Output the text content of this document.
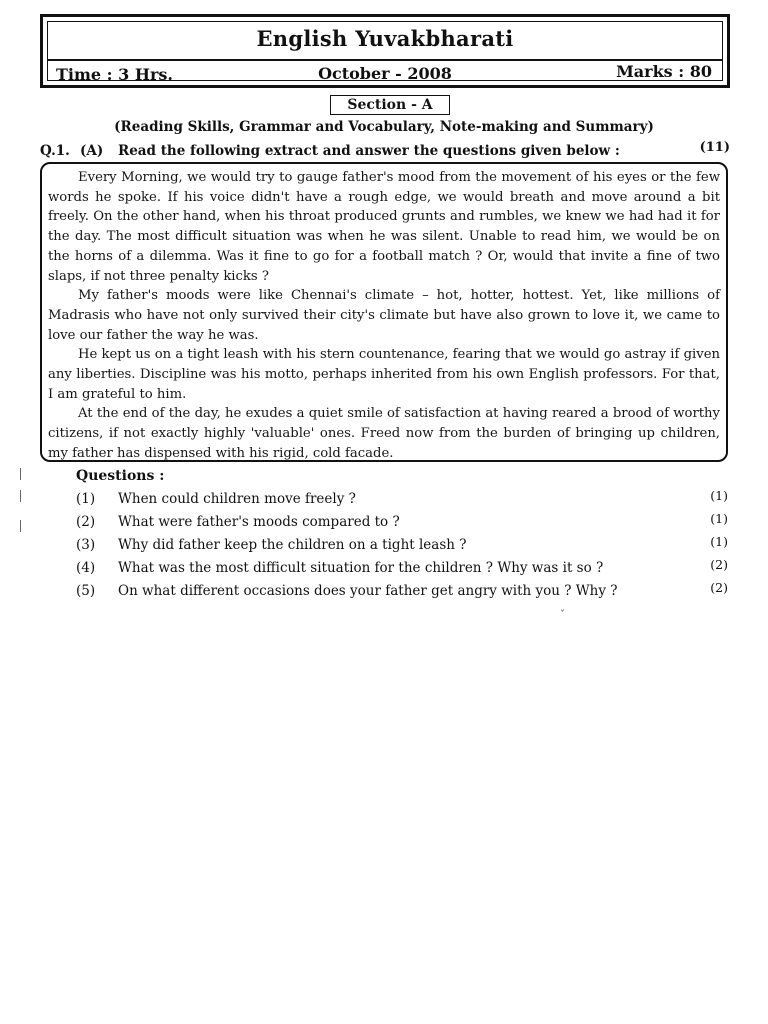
English Yuvakbharati
Time : 3 Hrs.	October - 2008	Marks : 80
Section - A
(Reading Skills, Grammar and Vocabulary, Note-making and Summary)
Q.1. (A) Read the following extract and answer the questions given below :	(11)

Every Morning, we would try to gauge father's mood from the movement of his eyes or the few words he spoke. If his voice didn't have a rough edge, we would breath and move around a bit freely. On the other hand, when his throat produced grunts and rumbles, we knew we had had it for the day. The most difficult situation was when he was silent. Unable to read him, we would be on the horns of a dilemma. Was it fine to go for a football match ? Or, would that invite a fine of two slaps, if not three penalty kicks ?

My father's moods were like Chennai's climate – hot, hotter, hottest. Yet, like millions of Madrasis who have not only survived their city's climate but have also grown to love it, we came to love our father the way he was.

He kept us on a tight leash with his stern countenance, fearing that we would go astray if given any liberties. Discipline was his motto, perhaps inherited from his own English professors. For that, I am grateful to him.

At the end of the day, he exudes a quiet smile of satisfaction at having reared a brood of worthy citizens, if not exactly highly 'valuable' ones. Freed now from the burden of bringing up children, my father has dispensed with his rigid, cold facade.

Questions :
(1) When could children move freely ?	(1)
(2) What were father's moods compared to ?	(1)
(3) Why did father keep the children on a tight leash ?	(1)
(4) What was the most difficult situation for the children ? Why was it so ?	(2)
(5) On what different occasions does your father get angry with you ? Why ?	(2)
ˇ
